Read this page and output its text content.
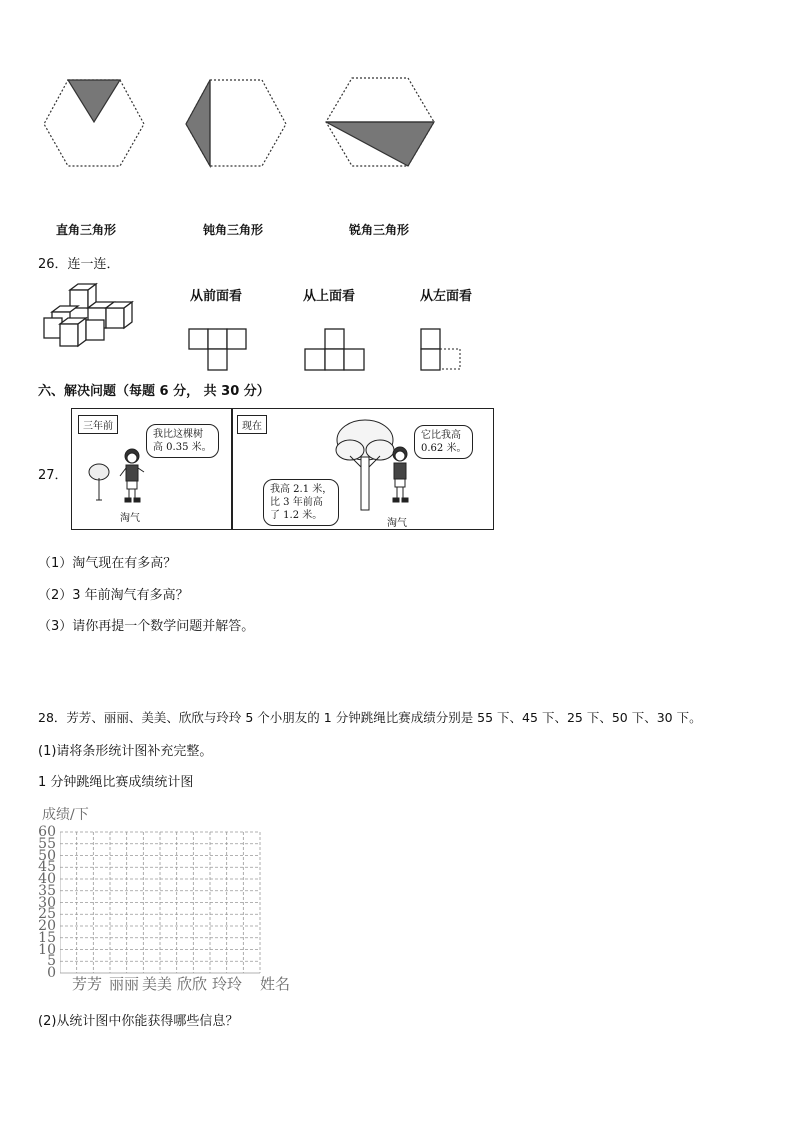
直角三角形	钝角三角形	锐角三角形
26．连一连．
从前面看	从上面看	从左面看
六、解决问题（每题 6 分， 共 30 分）
27．
三年前
我比这棵树
高 0.35 米。
淘气
现在
我高 2.1 米，
比 3 年前高
了 1.2 米。
它比我高
0.62 米。
淘气
（1）淘气现在有多高？
（2）3 年前淘气有多高？
（3）请你再提一个数学问题并解答。
28．芳芳、丽丽、美美、欣欣与玲玲 5 个小朋友的 1 分钟跳绳比赛成绩分别是 55 下、45 下、25 下、50 下、30 下。
(1)请将条形统计图补充完整。
1 分钟跳绳比赛成绩统计图
成绩/下
60
55
50
45
40
35
30
25
20
15
10
5
0
芳芳 丽丽 美美 欣欣 玲玲 姓名
(2)从统计图中你能获得哪些信息？
